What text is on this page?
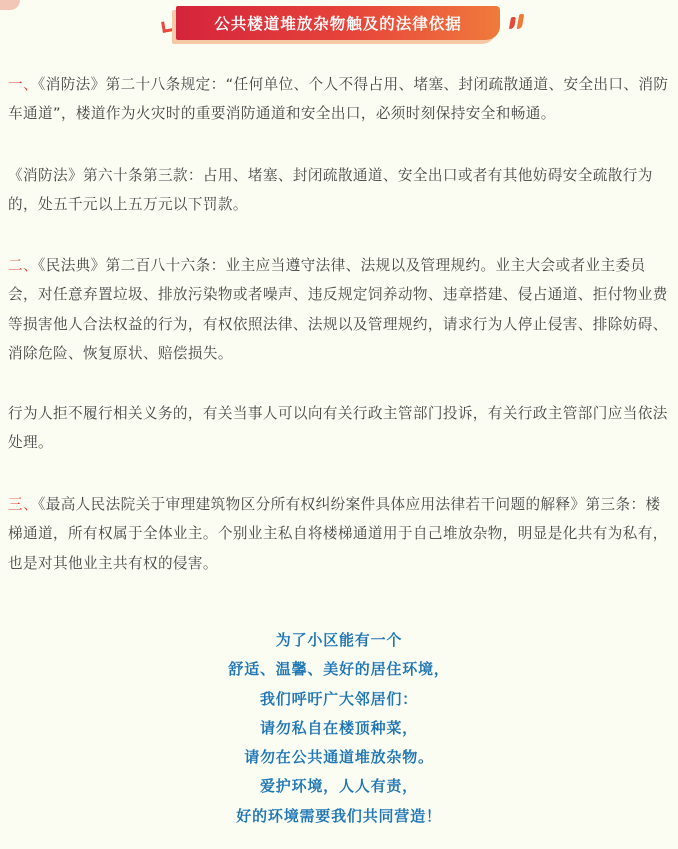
公共楼道堆放杂物触及的法律依据

一、《消防法》第二十八条规定：“任何单位、个人不得占用、堵塞、封闭疏散通道、安全出口、消防车通道”，楼道作为火灾时的重要消防通道和安全出口，必须时刻保持安全和畅通。

《消防法》第六十条第三款：占用、堵塞、封闭疏散通道、安全出口或者有其他妨碍安全疏散行为的，处五千元以上五万元以下罚款。

二、《民法典》第二百八十六条：业主应当遵守法律、法规以及管理规约。业主大会或者业主委员会，对任意弃置垃圾、排放污染物或者噪声、违反规定饲养动物、违章搭建、侵占通道、拒付物业费等损害他人合法权益的行为，有权依照法律、法规以及管理规约，请求行为人停止侵害、排除妨碍、消除危险、恢复原状、赔偿损失。

行为人拒不履行相关义务的，有关当事人可以向有关行政主管部门投诉，有关行政主管部门应当依法处理。

三、《最高人民法院关于审理建筑物区分所有权纠纷案件具体应用法律若干问题的解释》第三条：楼梯通道，所有权属于全体业主。个别业主私自将楼梯通道用于自己堆放杂物，明显是化共有为私有，也是对其他业主共有权的侵害。

为了小区能有一个
舒适、温馨、美好的居住环境，
我们呼吁广大邻居们：
请勿私自在楼顶种菜，
请勿在公共通道堆放杂物。
爱护环境，人人有责，
好的环境需要我们共同营造！
